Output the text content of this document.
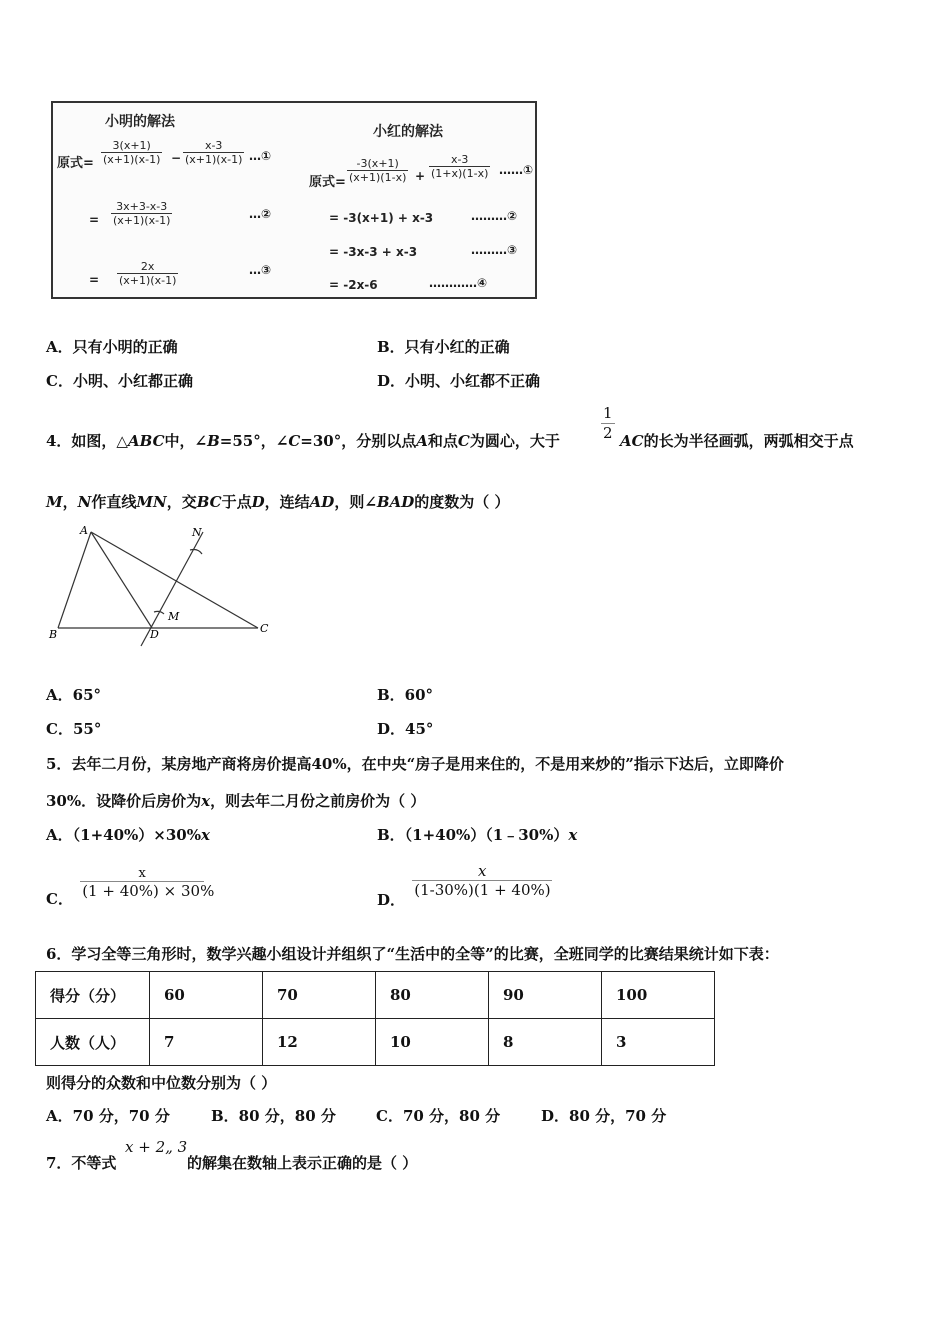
小明的解法
原式= $\frac{3(x+1)}{(x+1)(x-1)} - \frac{x-3}{(x+1)(x-1)}$ …①
= $\frac{3x+3-x-3}{(x+1)(x-1)}$	…②
= $\frac{2x}{(x+1)(x-1)}$	…③
小红的解法
原式= $\frac{-3(x+1)}{(x+1)(1-x)} + \frac{x-3}{(1+x)(1-x)}$ ……①
= -3(x+1) + x-3	………②
= -3x-3 + x-3	………③
= -2x-6	…………④
A．只有小明的正确	B．只有小红的正确
C．小明、小红都正确	D．小明、小红都不正确
4．如图，△ABC中，∠B=55°，∠C=30°，分别以点A和点C为圆心，大于	$\frac{1}{2}$ AC的长为半径画弧，两弧相交于点
M，N作直线MN，交BC于点D，连结AD，则∠BAD的度数为（ ）
A
B	C
D
M
N
A．65°	B．60°
C．55°	D．45°
5．去年二月份，某房地产商将房价提高40%，在中央“房子是用来住的，不是用来炒的”指示下达后，立即降价
30%．设降价后房价为x，则去年二月份之前房价为（ ）
A．（1+40%）×30%x	B．（1+40%）（1﹣30%）x
C． $\frac{x}{(1 + 40\%) \times 30\%}$	D．
$\frac{x}{(1-30\%)(1 + 40\%)}$
6．学习全等三角形时，数学兴趣小组设计并组织了“生活中的全等”的比赛，全班同学的比赛结果统计如下表：
得分（分）	60	70	80	90	100
人数（人）	7	12	10	8	3
则得分的众数和中位数分别为（ ）
A．70 分，70 分	B．80 分，80 分	C．70 分，80 分	D．80 分，70 分
7．不等式
x + 2„ 3
的解集在数轴上表示正确的是（ ）
